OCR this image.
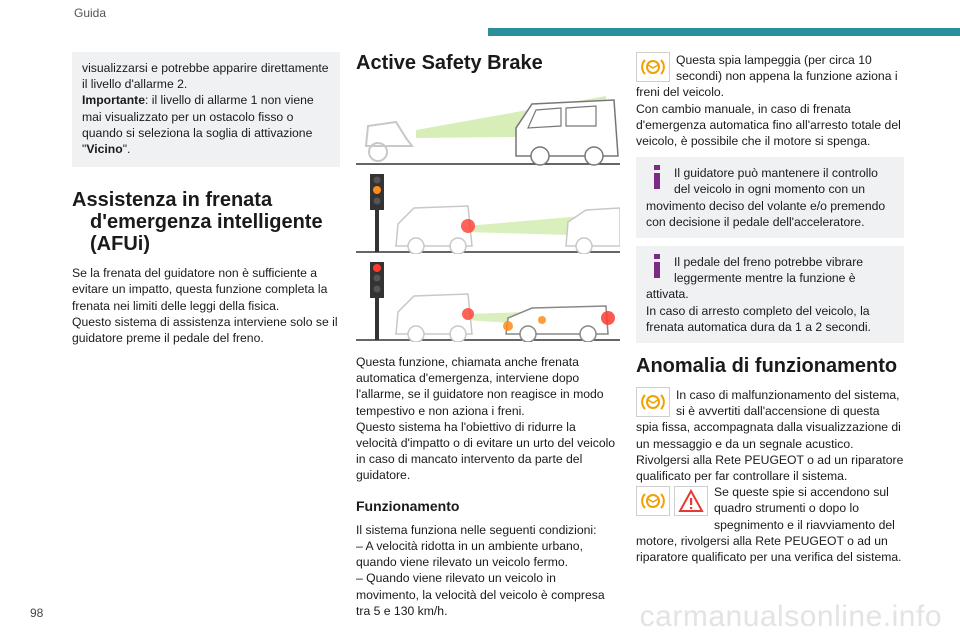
Guida

visualizzarsi e potrebbe apparire direttamente il livello d'allarme 2.

Importante: il livello di allarme 1 non viene mai visualizzato per un ostacolo fisso o quando si seleziona la soglia di attivazione "Vicino".

Assistenza in frenata d'emergenza intelligente (AFUi)

Se la frenata del guidatore non è sufficiente a evitare un impatto, questa funzione completa la frenata nei limiti delle leggi della fisica.

Questo sistema di assistenza interviene solo se il guidatore preme il pedale del freno.

Active Safety Brake

Questa funzione, chiamata anche frenata automatica d'emergenza, interviene dopo l'allarme, se il guidatore non reagisce in modo tempestivo e non aziona i freni.

Questo sistema ha l'obiettivo di ridurre la velocità d'impatto o di evitare un urto del veicolo in caso di mancato intervento da parte del guidatore.

Funzionamento

Il sistema funziona nelle seguenti condizioni:

– A velocità ridotta in un ambiente urbano, quando viene rilevato un veicolo fermo.

– Quando viene rilevato un veicolo in movimento, la velocità del veicolo è compresa tra 5 e 130 km/h.

Questa spia lampeggia (per circa 10 secondi) non appena la funzione aziona i freni del veicolo.

Con cambio manuale, in caso di frenata d'emergenza automatica fino all'arresto totale del veicolo, è possibile che il motore si spenga.

Il guidatore può mantenere il controllo del veicolo in ogni momento con un movimento deciso del volante e/o premendo con decisione il pedale dell'acceleratore.

Il pedale del freno potrebbe vibrare leggermente mentre la funzione è attivata.

In caso di arresto completo del veicolo, la frenata automatica dura da 1 a 2 secondi.

Anomalia di funzionamento

In caso di malfunzionamento del sistema, si è avvertiti dall'accensione di questa spia fissa, accompagnata dalla visualizzazione di un messaggio e da un segnale acustico.

Rivolgersi alla Rete PEUGEOT o ad un riparatore qualificato per far controllare il sistema.

Se queste spie si accendono sul quadro strumenti o dopo lo spegnimento e il riavviamento del motore, rivolgersi alla Rete PEUGEOT o ad un riparatore qualificato per una verifica del sistema.

98	carmanualsonline.info
